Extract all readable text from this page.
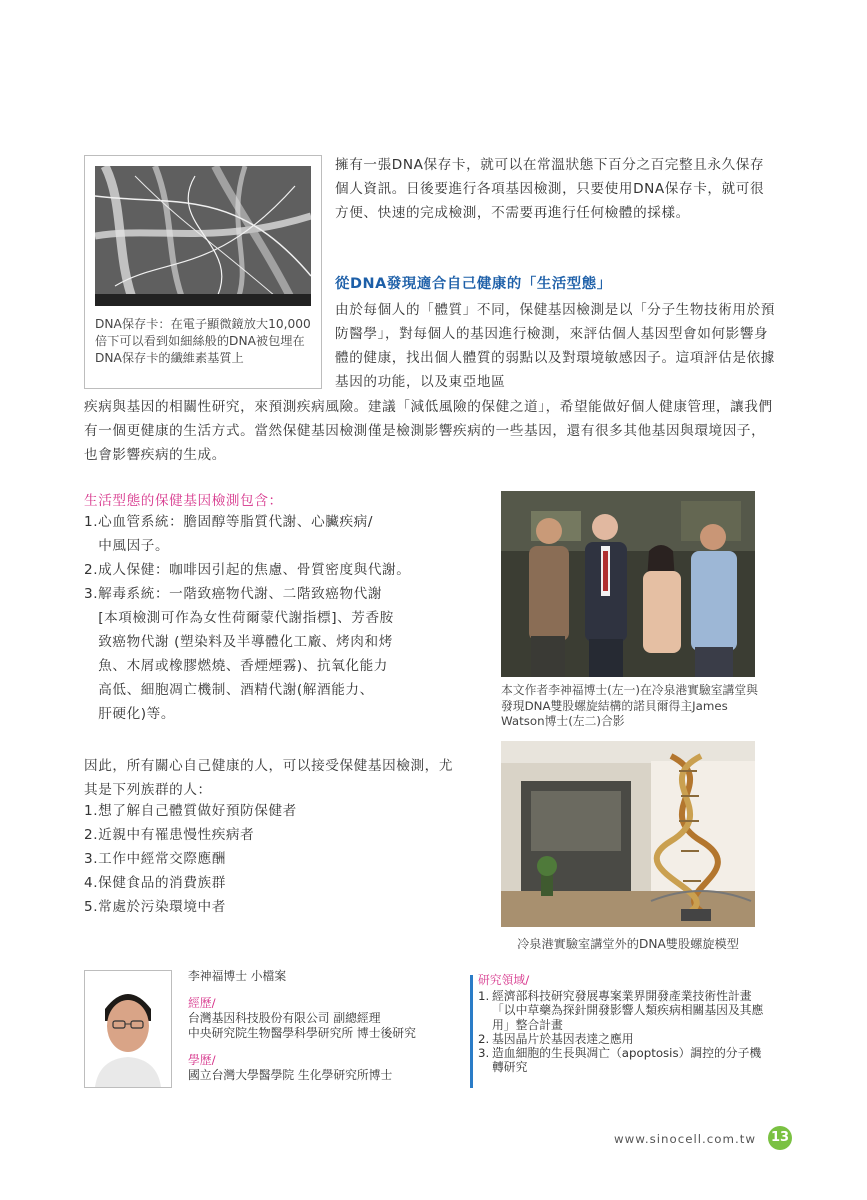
DNA保存卡：在電子顯微鏡放大10,000倍下可以看到如細絲般的DNA被包埋在DNA保存卡的纖維素基質上
擁有一張DNA保存卡，就可以在常溫狀態下百分之百完整且永久保存個人資訊。日後要進行各項基因檢測，只要使用DNA保存卡，就可很方便、快速的完成檢測，不需要再進行任何檢體的採樣。
從DNA發現適合自己健康的「生活型態」
由於每個人的「體質」不同，保健基因檢測是以「分子生物技術用於預防醫學」，對每個人的基因進行檢測，來評估個人基因型會如何影響身體的健康，找出個人體質的弱點以及對環境敏感因子。這項評估是依據基因的功能，以及東亞地區
疾病與基因的相關性研究，來預測疾病風險。建議「減低風險的保健之道」，希望能做好個人健康管理，讓我們有一個更健康的生活方式。當然保健基因檢測僅是檢測影響疾病的一些基因，還有很多其他基因與環境因子，也會影響疾病的生成。
生活型態的保健基因檢測包含：
1.心血管系統：膽固醇等脂質代謝、心臟疾病/
　中風因子。
2.成人保健：咖啡因引起的焦慮、骨質密度與代謝。
3.解毒系統：一階致癌物代謝、二階致癌物代謝
　[本項檢測可作為女性荷爾蒙代謝指標]、芳香胺
　致癌物代謝 (塑染料及半導體化工廠、烤肉和烤
　魚、木屑或橡膠燃燒、香煙煙霧)、抗氧化能力
　高低、細胞凋亡機制、酒精代謝(解酒能力、
　肝硬化)等。
因此，所有關心自己健康的人，可以接受保健基因檢測，尤其是下列族群的人：
1.想了解自己體質做好預防保健者
2.近親中有罹患慢性疾病者
3.工作中經常交際應酬
4.保健食品的消費族群
5.常處於污染環境中者
本文作者李神福博士(左一)在冷泉港實驗室講堂與發現DNA雙股螺旋結構的諾貝爾得主James Watson博士(左二)合影
冷泉港實驗室講堂外的DNA雙股螺旋模型
李神福博士 小檔案
經歷/
台灣基因科技股份有限公司 副總經理
中央研究院生物醫學科學研究所 博士後研究
學歷/
國立台灣大學醫學院 生化學研究所博士
研究領域/
1. 經濟部科技研究發展專案業界開發產業技術性計畫「以中草藥為探針開發影響人類疾病相關基因及其應用」整合計畫
2. 基因晶片於基因表達之應用
3. 造血細胞的生長與凋亡（apoptosis）調控的分子機轉研究
www.sinocell.com.tw 13
